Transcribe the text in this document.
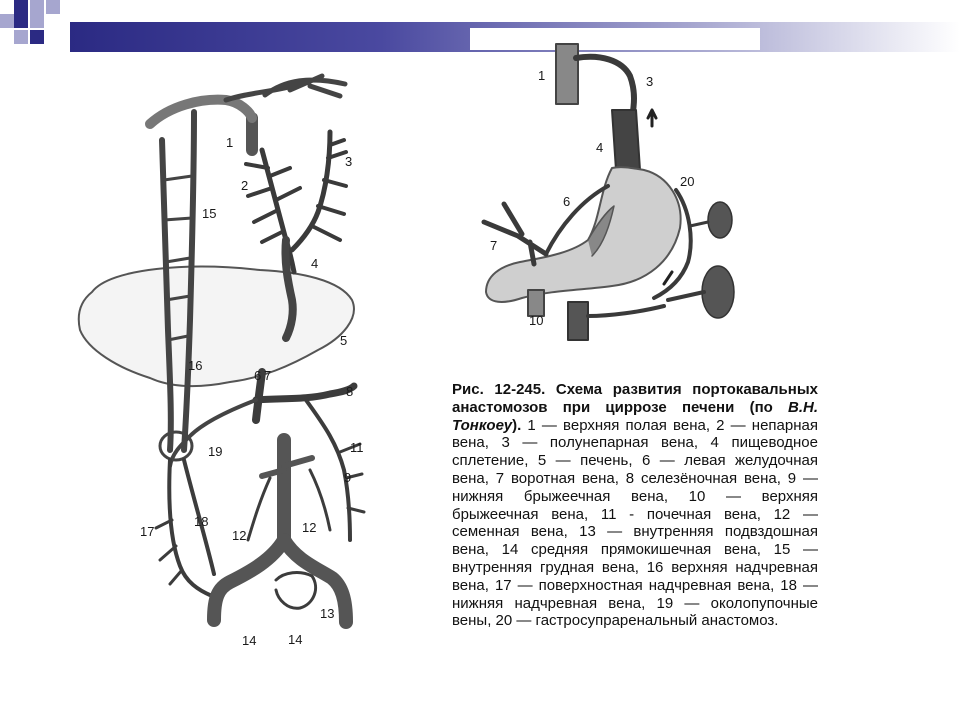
1
2
3
4
5
6 7
8
9
11
12
12
13
14 14
15
16
17
18
19
1	3
4
6
7
10
20
Рис. 12-245. Схема развития портокавальных анастомозов при циррозе печени (по В.Н. Тонкоеу). 1 — верхняя полая вена, 2 — непарная вена, 3 — полунепарная вена, 4 пищеводное сплетение, 5 — печень, 6 — левая желудочная вена, 7 воротная вена, 8 селезёночная вена, 9 — нижняя брыжеечная вена, 10 — верхняя брыжеечная вена, 11 - почечная вена, 12 — семенная вена, 13 — внутренняя подвздошная вена, 14 средняя прямокишечная вена, 15 — внутренняя грудная вена, 16 верхняя надчревная вена, 17 — поверхностная надчревная вена, 18 — нижняя надчревная вена, 19 — околопупочные вены, 20 — гастросупраренальный анастомоз.
